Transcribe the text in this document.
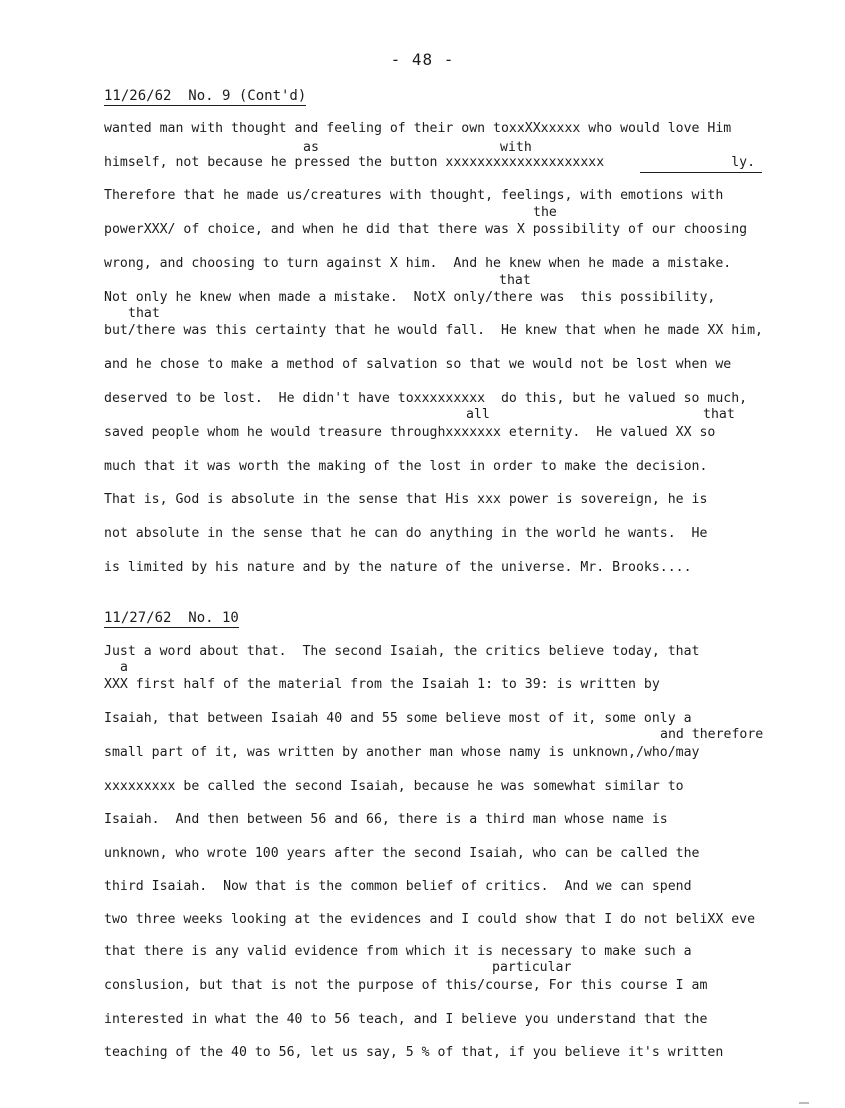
- 48 -
11/26/62  No. 9 (Cont'd)
wanted man with thought and feeling of their own toxxXXxxxxx who would love Him
as	with
himself, not because he pressed the button xxxxxxxxxxxxxxxxxxxx                ly.
Therefore that he made us/creatures with thought, feelings, with emotions with
the
powerXXX/ of choice, and when he did that there was X possibility of our choosing
wrong, and choosing to turn against X him.  And he knew when he made a mistake.
that
Not only he knew when made a mistake.  NotX only/there was  this possibility,
that
but/there was this certainty that he would fall.  He knew that when he made XX him,
and he chose to make a method of salvation so that we would not be lost when we
deserved to be lost.  He didn't have toxxxxxxxxx  do this, but he valued so much,
all	that
saved people whom he would treasure throughxxxxxxx eternity.  He valued XX so
much that it was worth the making of the lost in order to make the decision.
That is, God is absolute in the sense that His xxx power is sovereign, he is
not absolute in the sense that he can do anything in the world he wants.  He
is limited by his nature and by the nature of the universe. Mr. Brooks....
11/27/62  No. 10
Just a word about that.  The second Isaiah, the critics believe today, that
a
XXX first half of the material from the Isaiah 1: to 39: is written by
Isaiah, that between Isaiah 40 and 55 some believe most of it, some only a
and therefore
small part of it, was written by another man whose namy is unknown,/who/may
xxxxxxxxx be called the second Isaiah, because he was somewhat similar to
Isaiah.  And then between 56 and 66, there is a third man whose name is
unknown, who wrote 100 years after the second Isaiah, who can be called the
third Isaiah.  Now that is the common belief of critics.  And we can spend
two three weeks looking at the evidences and I could show that I do not beliXX eve
that there is any valid evidence from which it is necessary to make such a
particular
conslusion, but that is not the purpose of this/course, For this course I am
interested in what the 40 to 56 teach, and I believe you understand that the
teaching of the 40 to 56, let us say, 5 % of that, if you believe it's written
